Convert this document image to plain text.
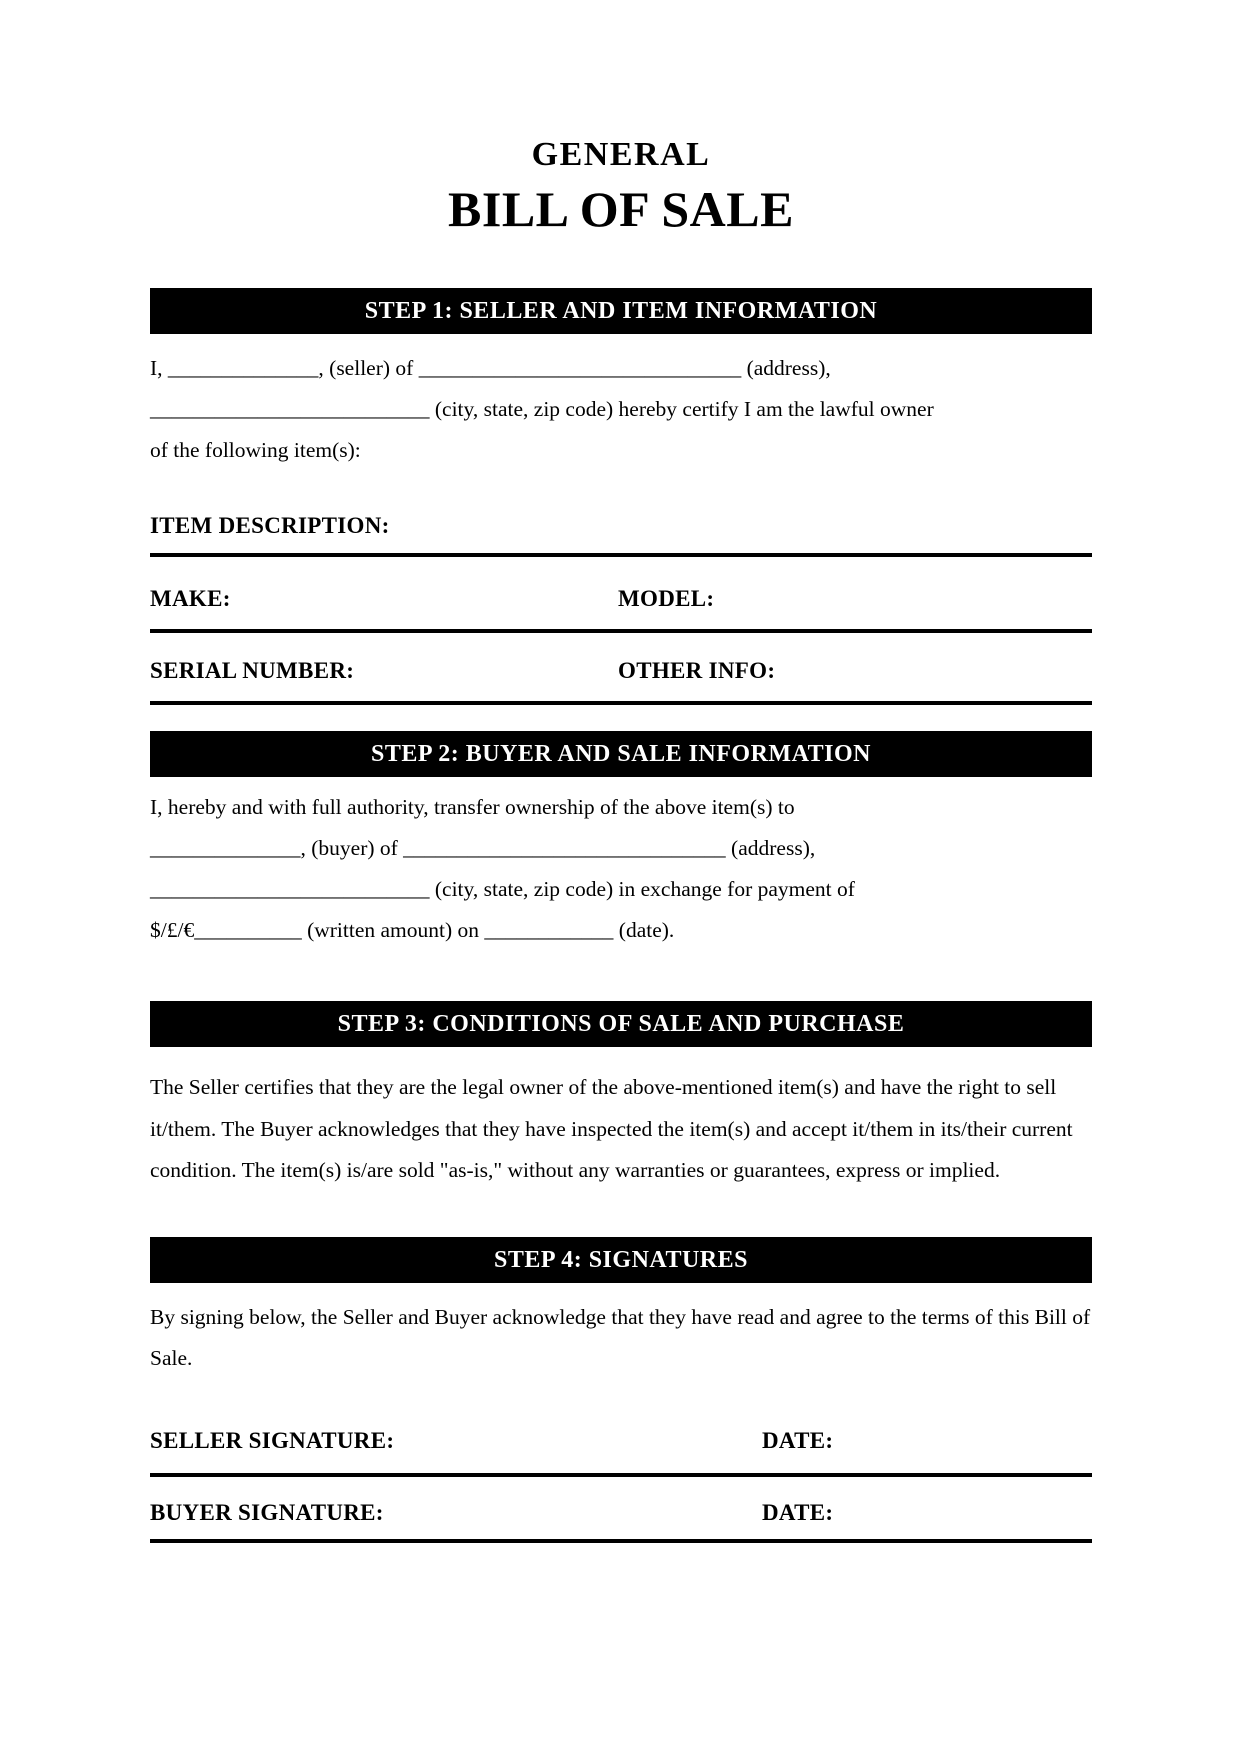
GENERAL
BILL OF SALE
STEP 1: SELLER AND ITEM INFORMATION
I, ______________, (seller) of ______________________________ (address),
__________________________ (city, state, zip code) hereby certify I am the lawful owner
of the following item(s):
ITEM DESCRIPTION:
MAKE:	MODEL:
SERIAL NUMBER:	OTHER INFO:
STEP 2: BUYER AND SALE INFORMATION
I, hereby and with full authority, transfer ownership of the above item(s) to
______________, (buyer) of ______________________________ (address),
__________________________ (city, state, zip code) in exchange for payment of
$/£/€__________ (written amount) on ____________ (date).
STEP 3: CONDITIONS OF SALE AND PURCHASE
The Seller certifies that they are the legal owner of the above-mentioned item(s) and have the right to sell it/them. The Buyer acknowledges that they have inspected the item(s) and accept it/them in its/their current condition. The item(s) is/are sold "as-is," without any warranties or guarantees, express or implied.
STEP 4: SIGNATURES
By signing below, the Seller and Buyer acknowledge that they have read and agree to the terms of this Bill of Sale.
SELLER SIGNATURE:	DATE:
BUYER SIGNATURE:	DATE:
